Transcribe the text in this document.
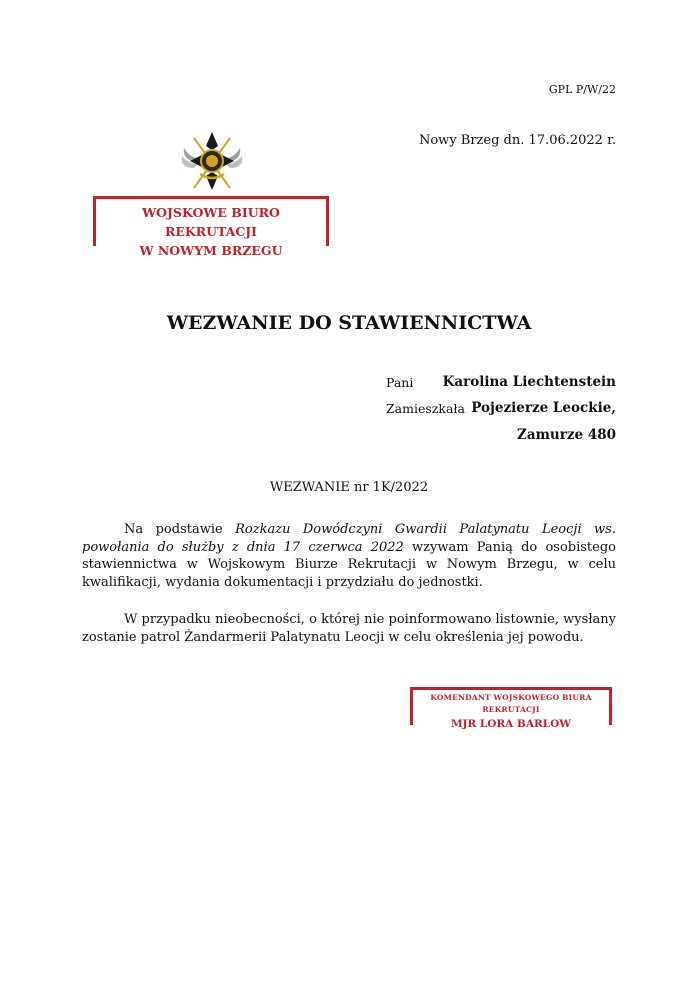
GPL P/W/22
Nowy Brzeg dn. 17.06.2022 r.
WOJSKOWE BIURO REKRUTACJI
W NOWYM BRZEGU
WEZWANIE DO STAWIENNICTWA
Pani Karolina Liechtenstein
Zamieszkała Pojezierze Leockie,
Zamurze 480
WEZWANIE nr 1K/2022
Na podstawie Rozkazu Dowódczyni Gwardii Palatynatu Leocji ws. powołania do służby z dnia 17 czerwca 2022 wzywam Panią do osobistego stawiennictwa w Wojskowym Biurze Rekrutacji w Nowym Brzegu, w celu kwalifikacji, wydania dokumentacji i przydziału do jednostki.
W przypadku nieobecności, o której nie poinformowano listownie, wysłany zostanie patrol Żandarmerii Palatynatu Leocji w celu określenia jej powodu.
KOMENDANT WOJSKOWEGO BIURA REKRUTACJI
MJR LORA BARLOW
